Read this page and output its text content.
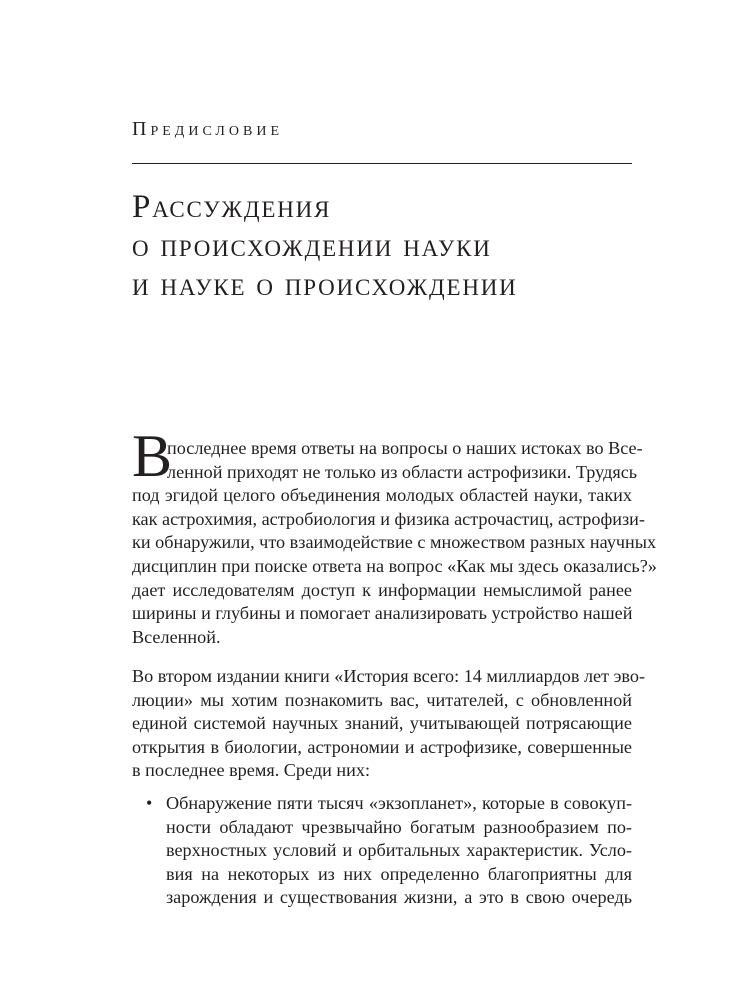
Предисловие
Рассуждения
о происхождении науки
и науке о происхождении
В

последнее время ответы на вопросы о наших истоках во Все-
ленной приходят не только из области астрофизики. Трудясь
под эгидой целого объединения молодых областей науки, таких
как астрохимия, астробиология и физика астрочастиц, астрофизи-
ки обнаружили, что взаимодействие с множеством разных научных
дисциплин при поиске ответа на вопрос «Как мы здесь оказались?»
дает исследователям доступ к информации немыслимой ранее
ширины и глубины и помогает анализировать устройство нашей
Вселенной.

Во втором издании книги «История всего: 14 миллиардов лет эво-
люции» мы хотим познакомить вас, читателей, с обновленной
единой системой научных знаний, учитывающей потрясающие
открытия в биологии, астрономии и астрофизике, совершенные
в последнее время. Среди них:

• Обнаружение пяти тысяч «экзопланет», которые в совокуп-
ности обладают чрезвычайно богатым разнообразием по-
верхностных условий и орбитальных характеристик. Усло-
вия на некоторых из них определенно благоприятны для
зарождения и существования жизни, а это в свою очередь
